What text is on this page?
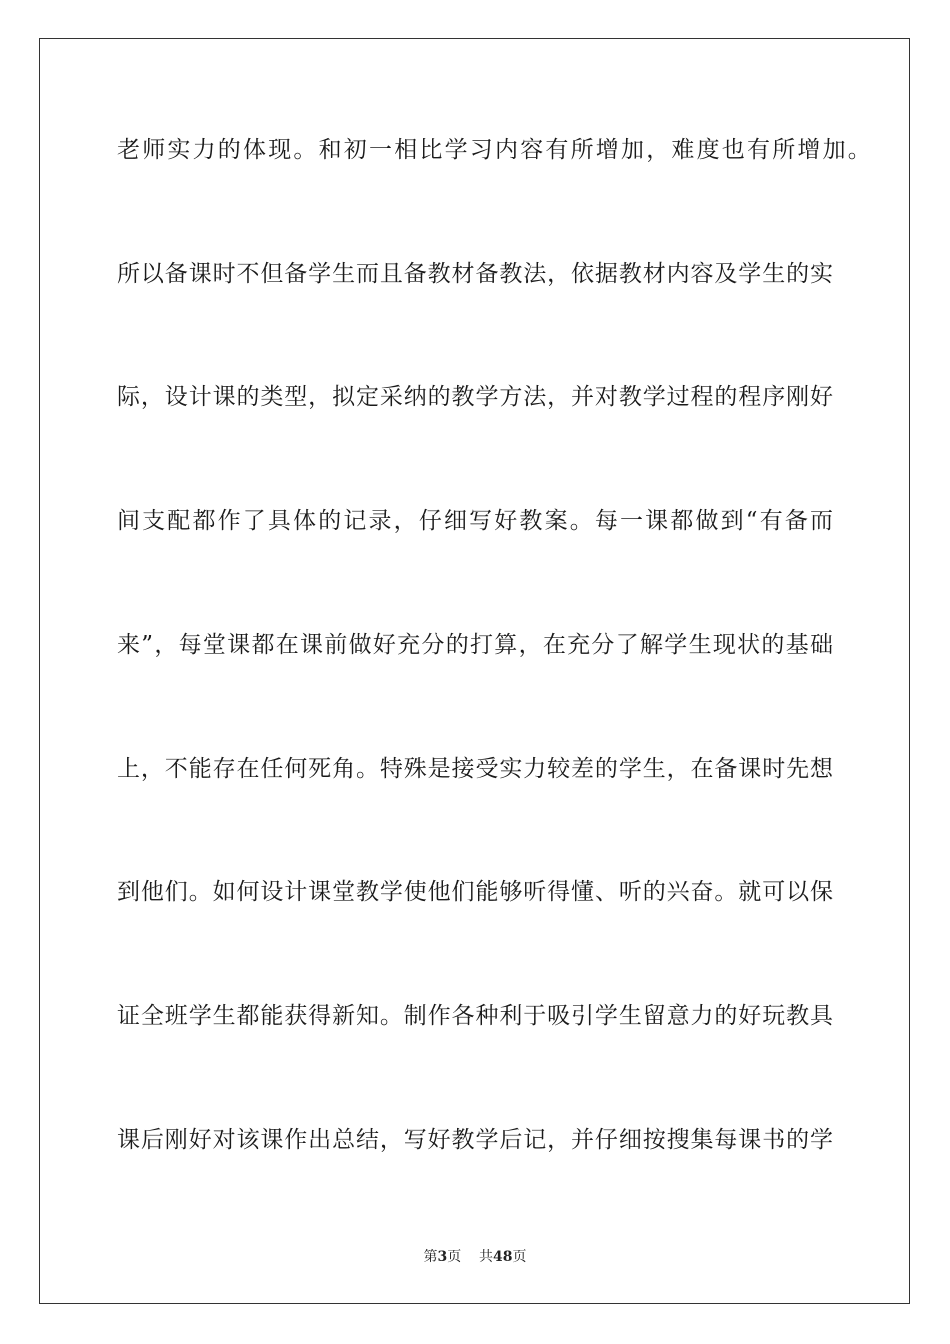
老师实力的体现。和初一相比学习内容有所增加，难度也有所增加。
所以备课时不但备学生而且备教材备教法，依据教材内容及学生的实
际，设计课的类型，拟定采纳的教学方法，并对教学过程的程序刚好
间支配都作了具体的记录，仔细写好教案。每一课都做到“有备而
来”，每堂课都在课前做好充分的打算，在充分了解学生现状的基础
上，不能存在任何死角。特殊是接受实力较差的学生，在备课时先想
到他们。如何设计课堂教学使他们能够听得懂、听的兴奋。就可以保
证全班学生都能获得新知。制作各种利于吸引学生留意力的好玩教具
课后刚好对该课作出总结，写好教学后记，并仔细按搜集每课书的学
第3页 共48页
